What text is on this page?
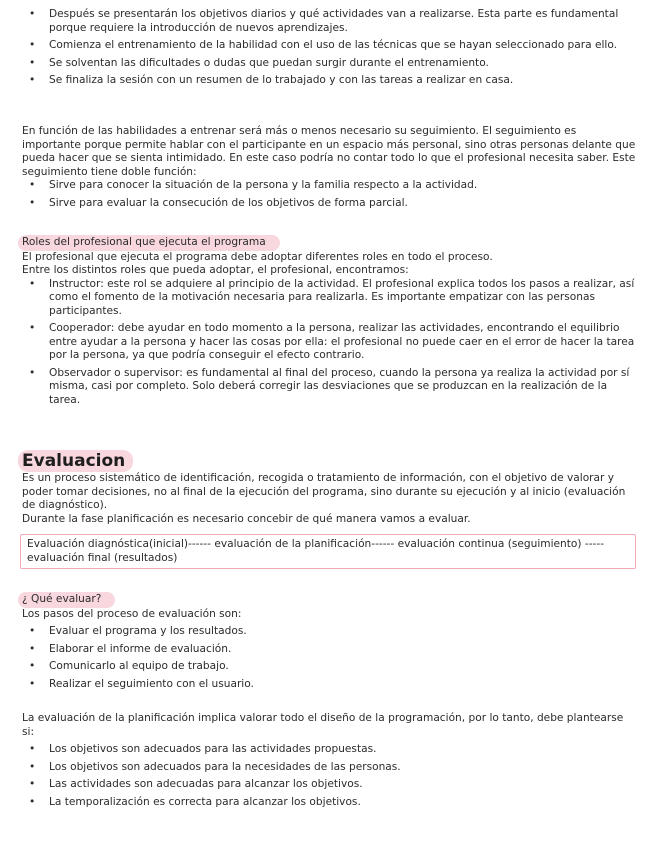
• Después se presentarán los objetivos diarios y qué actividades van a realizarse. Esta parte es fundamental porque requiere la introducción de nuevos aprendizajes.
• Comienza el entrenamiento de la habilidad con el uso de las técnicas que se hayan seleccionado para ello.
• Se solventan las dificultades o dudas que puedan surgir durante el entrenamiento.
• Se finaliza la sesión con un resumen de lo trabajado y con las tareas a realizar en casa.

En función de las habilidades a entrenar será más o menos necesario su seguimiento. El seguimiento es importante porque permite hablar con el participante en un espacio más personal, sino otras personas delante que pueda hacer que se sienta intimidado. En este caso podría no contar todo lo que el profesional necesita saber. Este seguimiento tiene doble función:

• Sirve para conocer la situación de la persona y la familia respecto a la actividad.
• Sirve para evaluar la consecución de los objetivos de forma parcial.

Roles del profesional que ejecuta el programa

El profesional que ejecuta el programa debe adoptar diferentes roles en todo el proceso.

Entre los distintos roles que pueda adoptar, el profesional, encontramos:

• Instructor: este rol se adquiere al principio de la actividad. El profesional explica todos los pasos a realizar, así como el fomento de la motivación necesaria para realizarla. Es importante empatizar con las personas participantes.
• Cooperador: debe ayudar en todo momento a la persona, realizar las actividades, encontrando el equilibrio entre ayudar a la persona y hacer las cosas por ella: el profesional no puede caer en el error de hacer la tarea por la persona, ya que podría conseguir el efecto contrario.
• Observador o supervisor: es fundamental al final del proceso, cuando la persona ya realiza la actividad por sí misma, casi por completo. Solo deberá corregir las desviaciones que se produzcan en la realización de la tarea.

Evaluacion

Es un proceso sistemático de identificación, recogida o tratamiento de información, con el objetivo de valorar y poder tomar decisiones, no al final de la ejecución del programa, sino durante su ejecución y al inicio (evaluación de diagnóstico).

Durante la fase planificación es necesario concebir de qué manera vamos a evaluar.

Evaluación diagnóstica(inicial)------ evaluación de la planificación------ evaluación continua (seguimiento) ----- evaluación final (resultados)

¿ Qué evaluar?

Los pasos del proceso de evaluación son:

• Evaluar el programa y los resultados.
• Elaborar el informe de evaluación.
• Comunicarlo al equipo de trabajo.
• Realizar el seguimiento con el usuario.

La evaluación de la planificación implica valorar todo el diseño de la programación, por lo tanto, debe plantearse si:

• Los objetivos son adecuados para las actividades propuestas.
• Los objetivos son adecuados para la necesidades de las personas.
• Las actividades son adecuadas para alcanzar los objetivos.
• La temporalización es correcta para alcanzar los objetivos.
